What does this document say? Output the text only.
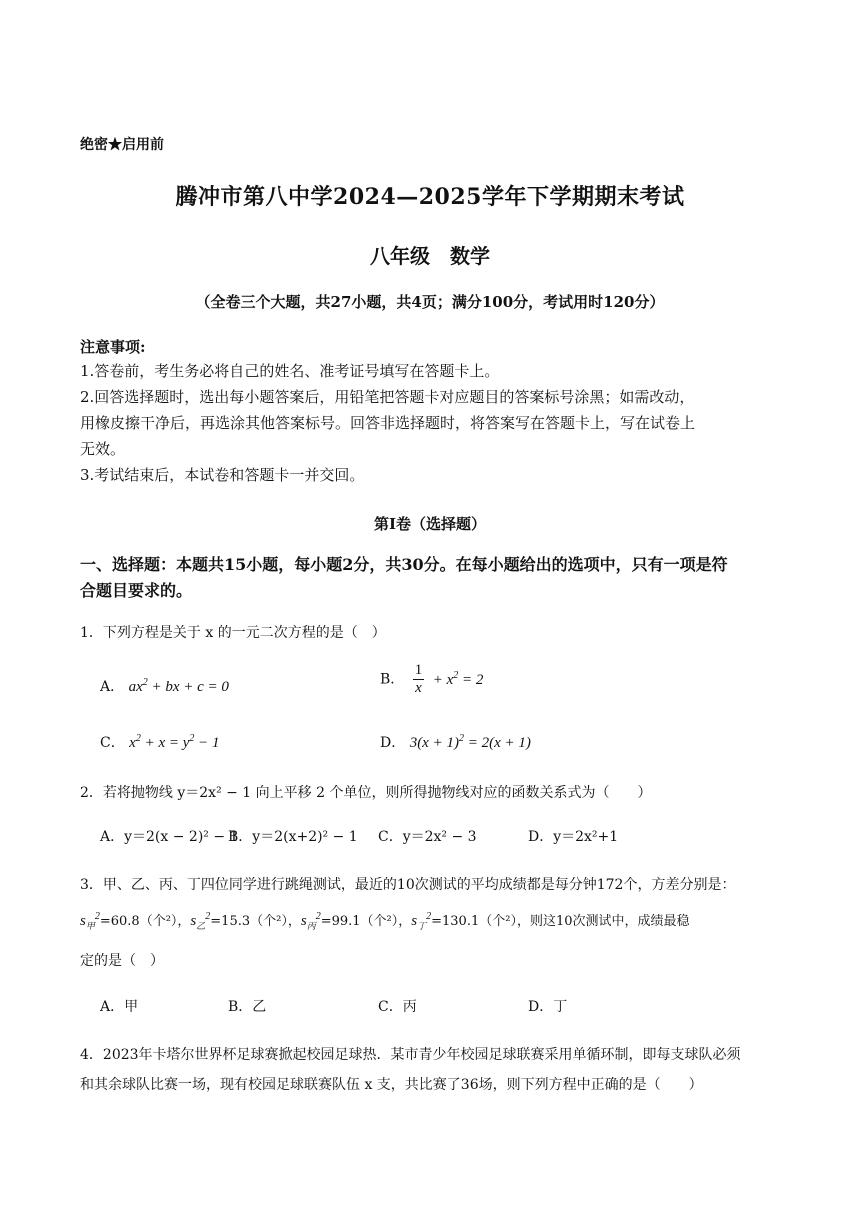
绝密★启用前
腾冲市第八中学2024—2025学年下学期期末考试
八年级　数学
（全卷三个大题，共27小题，共4页；满分100分，考试用时120分）
注意事项:
1.答卷前，考生务必将自己的姓名、准考证号填写在答题卡上。
2.回答选择题时，选出每小题答案后，用铅笔把答题卡对应题目的答案标号涂黑；如需改动，
用橡皮擦干净后，再选涂其他答案标号。回答非选择题时，将答案写在答题卡上，写在试卷上
无效。
3.考试结束后，本试卷和答题卡一并交回。
第I卷（选择题）
一、选择题：本题共15小题，每小题2分，共30分。在每小题给出的选项中，只有一项是符
合题目要求的。
1．下列方程是关于 x 的一元二次方程的是（　）
A． $ax^2$ + bx + c = 0	B． $\frac{1}{x} + x^2 = 2$
C． $x^2 + x = y^2 - 1$	D． $3(x + 1)^2 = 2(x + 1)$
2．若将抛物线 y＝2x² − 1 向上平移 2 个单位，则所得抛物线对应的函数关系式为（　　）
A．y＝2(x − 2)² − 1
B．y＝2(x+2)² − 1 C．y＝2x² − 3	D．y＝2x²+1
3．甲、乙、丙、丁四位同学进行跳绳测试，最近的10次测试的平均成绩都是每分钟172个，方差分别是：
$s_甲^2=60.8$（个²），$s_乙^2=15.3$（个²），$s_丙^2=99.1$（个²），$s_丁^2=130.1$（个²），则这10次测试中，成绩最稳
定的是（　）
A．甲	B．乙	C．丙	D．丁
4．2023年卡塔尔世界杯足球赛掀起校园足球热．某市青少年校园足球联赛采用单循环制，即每支球队必须
和其余球队比赛一场，现有校园足球联赛队伍 x 支，共比赛了36场，则下列方程中正确的是（　　）
